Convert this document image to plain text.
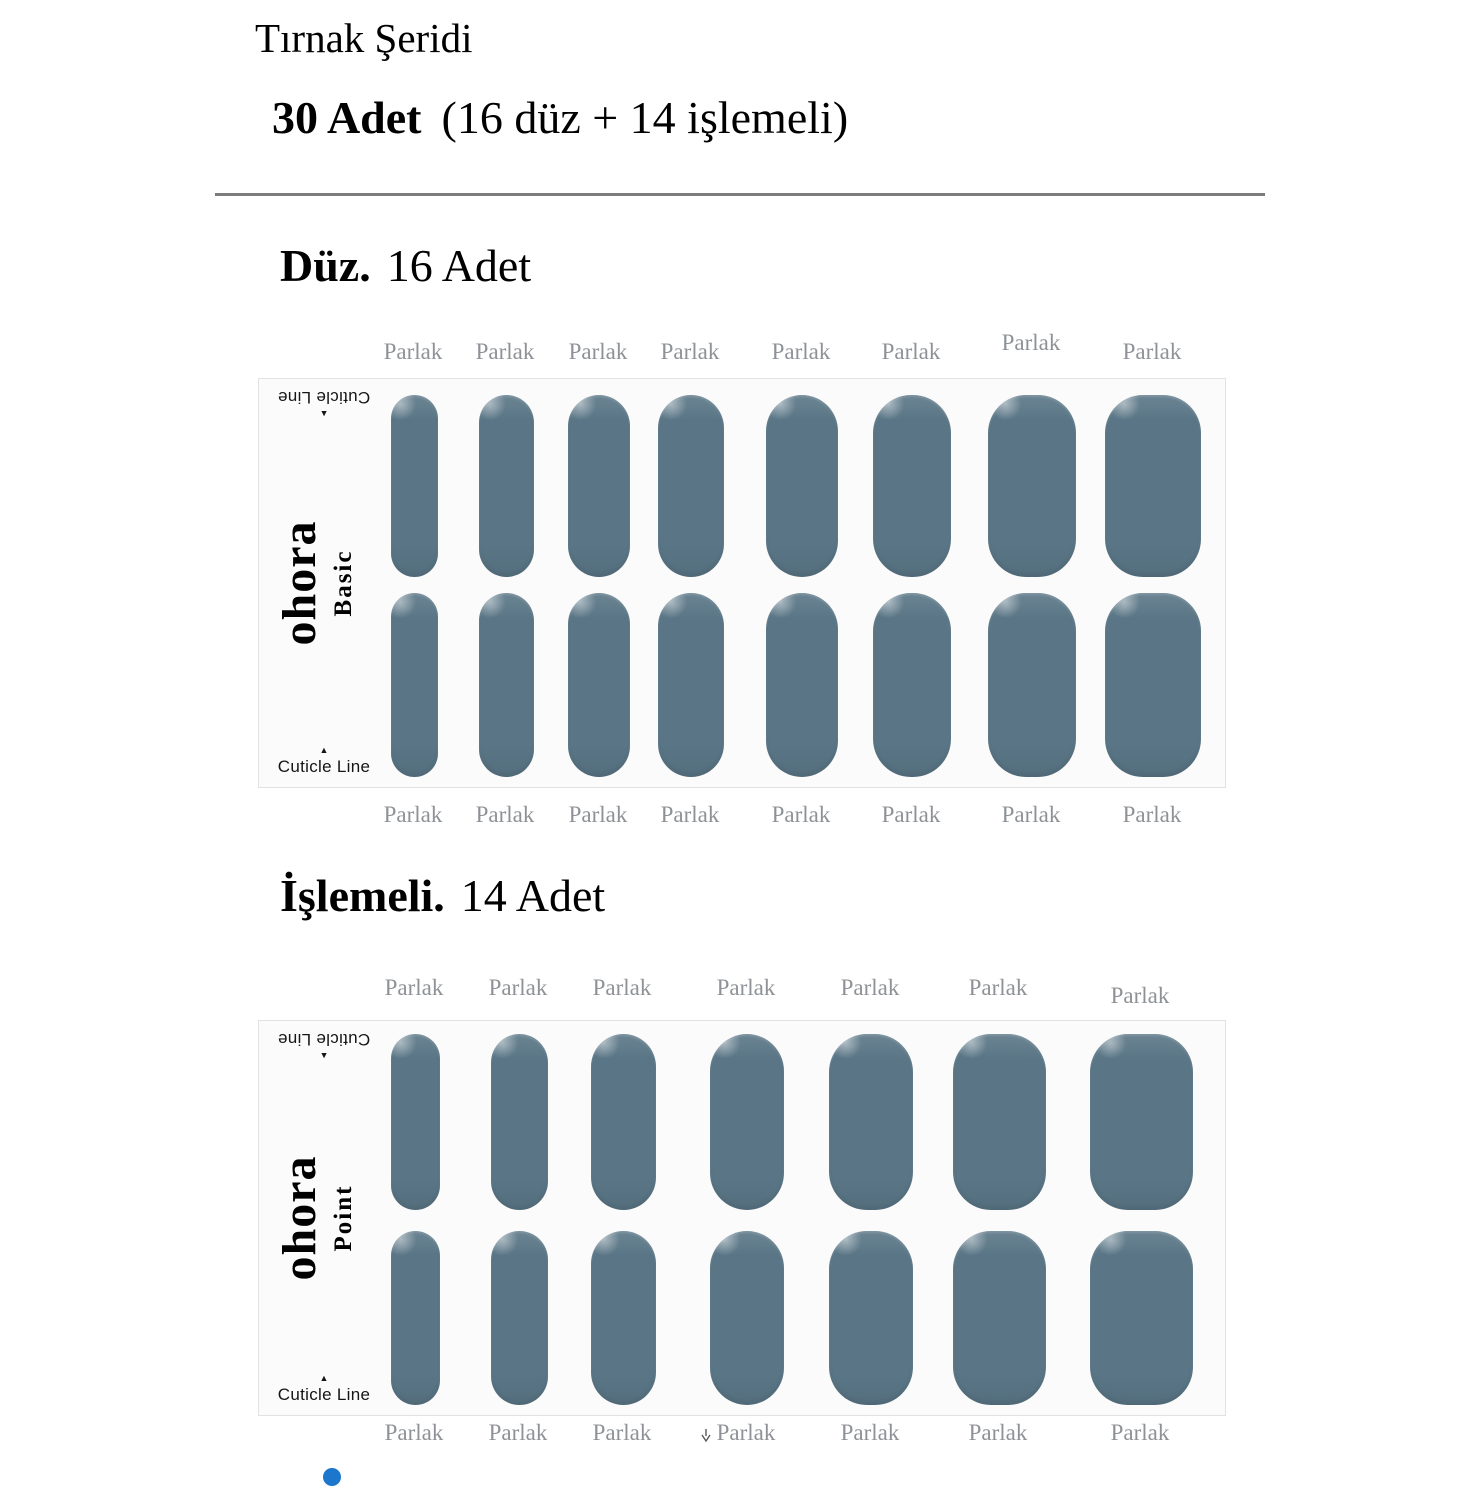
Tırnak Şeridi

30 Adet (16 düz + 14 işlemeli)

Düz. 16 Adet
Parlak	Parlak	Parlak	Parlak	Parlak	Parlak	Parlak	Parlak
Parlak	Parlak	Parlak	Parlak	Parlak	Parlak	Parlak	Parlak
▲
Cuticle Line
▲
Cuticle Line
ohora Basic
İşlemeli. 14 Adet
Parlak	Parlak	Parlak	Parlak	Parlak	Parlak	Parlak
Parlak	Parlak	Parlak	Parlak	Parlak	Parlak	Parlak
▲
Cuticle Line
▲
Cuticle Line
ohora Point
